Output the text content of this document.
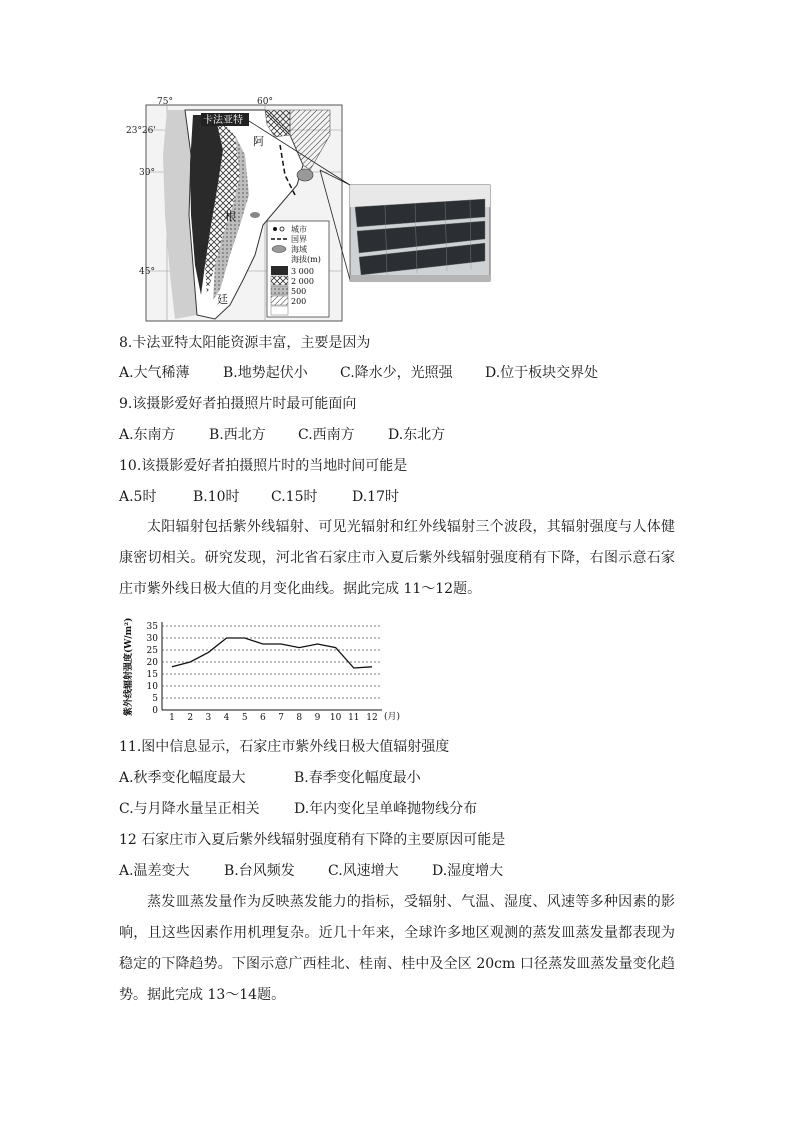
卡法亚特
阿
根
廷
75°	60°
23°26'
30°
45°
城市
国界
海域
海拔(m)
3 000
2 000
500
200
8.卡法亚特太阳能资源丰富，主要是因为
A.大气稀薄 B.地势起伏小 C.降水少，光照强 D.位于板块交界处
9.该摄影爱好者拍摄照片时最可能面向
A.东南方 B.西北方 C.西南方 D.东北方
10.该摄影爱好者拍摄照片时的当地时间可能是
A.5时	B.10时 C.15时 D.17时
太阳辐射包括紫外线辐射、可见光辐射和红外线辐射三个波段，其辐射强度与人体健康密切相关。研究发现，河北省石家庄市入夏后紫外线辐射强度稍有下降，右图示意石家庄市紫外线日极大值的月变化曲线。据此完成 11～12题。
紫外线辐射强度(W/m²) 0
5
10
15
20
25
30
35
1 2 3 4 5 6 7 8 9 10 11 12 (月)
11.图中信息显示，石家庄市紫外线日极大值辐射强度
A.秋季变化幅度最大	B.春季变化幅度最小
C.与月降水量呈正相关 D.年内变化呈单峰抛物线分布
12 石家庄市入夏后紫外线辐射强度稍有下降的主要原因可能是
A.温差变大 B.台风频发 C.风速增大 D.湿度增大
蒸发皿蒸发量作为反映蒸发能力的指标，受辐射、气温、湿度、风速等多种因素的影响，且这些因素作用机理复杂。近几十年来，全球许多地区观测的蒸发皿蒸发量都表现为稳定的下降趋势。下图示意广西桂北、桂南、桂中及全区 20cm 口径蒸发皿蒸发量变化趋势。据此完成 13～14题。
